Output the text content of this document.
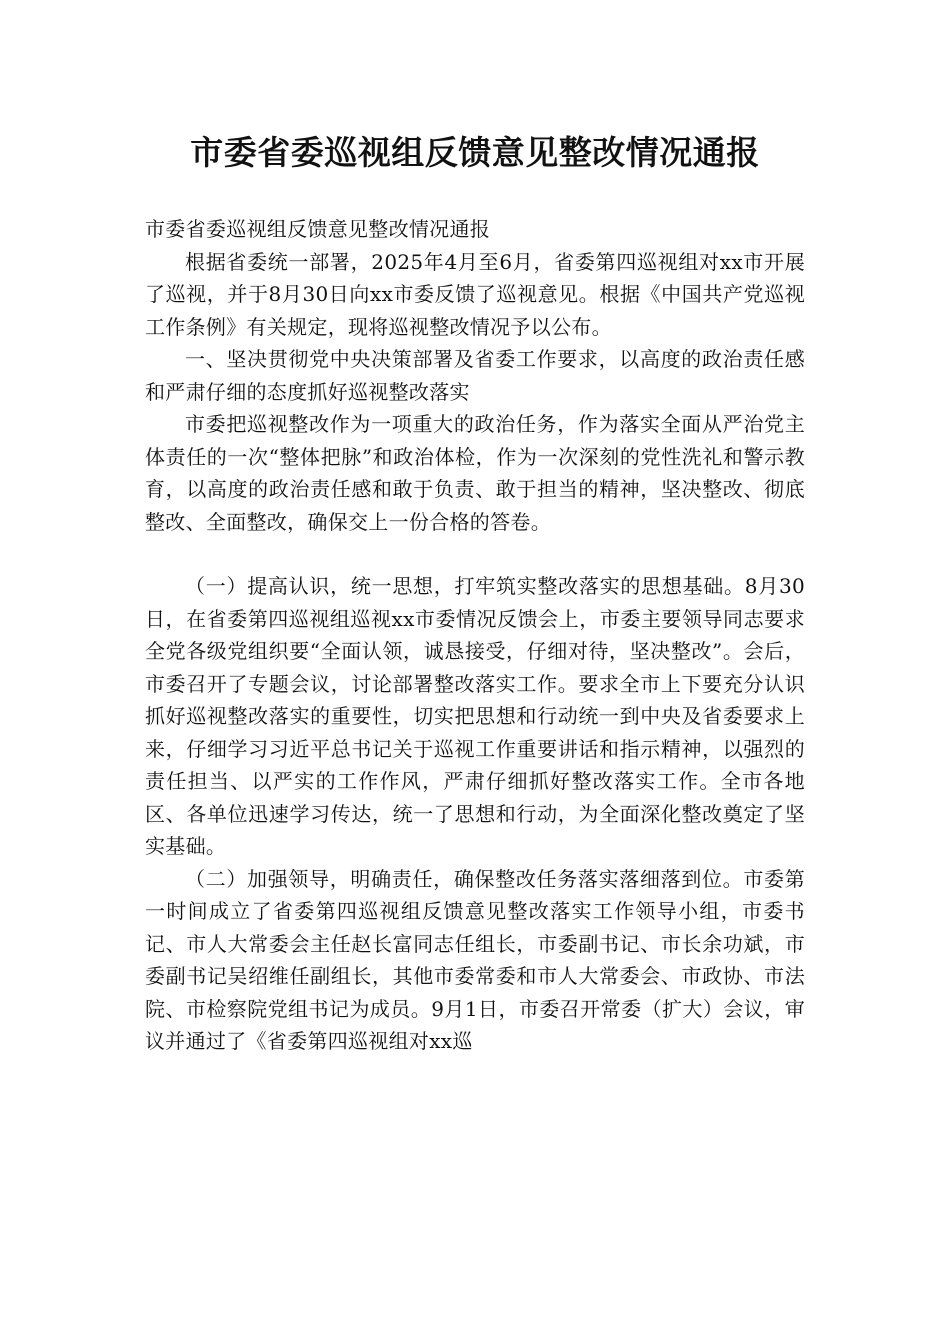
市委省委巡视组反馈意见整改情况通报

市委省委巡视组反馈意见整改情况通报

根据省委统一部署，2025年4月至6月，省委第四巡视组对xx市开展了巡视，并于8月30日向xx市委反馈了巡视意见。根据《中国共产党巡视工作条例》有关规定，现将巡视整改情况予以公布。

一、坚决贯彻党中央决策部署及省委工作要求，以高度的政治责任感和严肃仔细的态度抓好巡视整改落实

市委把巡视整改作为一项重大的政治任务，作为落实全面从严治党主体责任的一次“整体把脉”和政治体检，作为一次深刻的党性洗礼和警示教育，以高度的政治责任感和敢于负责、敢于担当的精神，坚决整改、彻底整改、全面整改，确保交上一份合格的答卷。

（一）提高认识，统一思想，打牢筑实整改落实的思想基础。8月30日，在省委第四巡视组巡视xx市委情况反馈会上，市委主要领导同志要求全党各级党组织要“全面认领，诚恳接受，仔细对待，坚决整改”。会后，市委召开了专题会议，讨论部署整改落实工作。要求全市上下要充分认识抓好巡视整改落实的重要性，切实把思想和行动统一到中央及省委要求上来，仔细学习习近平总书记关于巡视工作重要讲话和指示精神，以强烈的责任担当、以严实的工作作风，严肃仔细抓好整改落实工作。全市各地区、各单位迅速学习传达，统一了思想和行动，为全面深化整改奠定了坚实基础。

（二）加强领导，明确责任，确保整改任务落实落细落到位。市委第一时间成立了省委第四巡视组反馈意见整改落实工作领导小组，市委书记、市人大常委会主任赵长富同志任组长，市委副书记、市长余功斌，市委副书记吴绍维任副组长，其他市委常委和市人大常委会、市政协、市法院、市检察院党组书记为成员。9月1日，市委召开常委（扩大）会议，审议并通过了《省委第四巡视组对xx巡
